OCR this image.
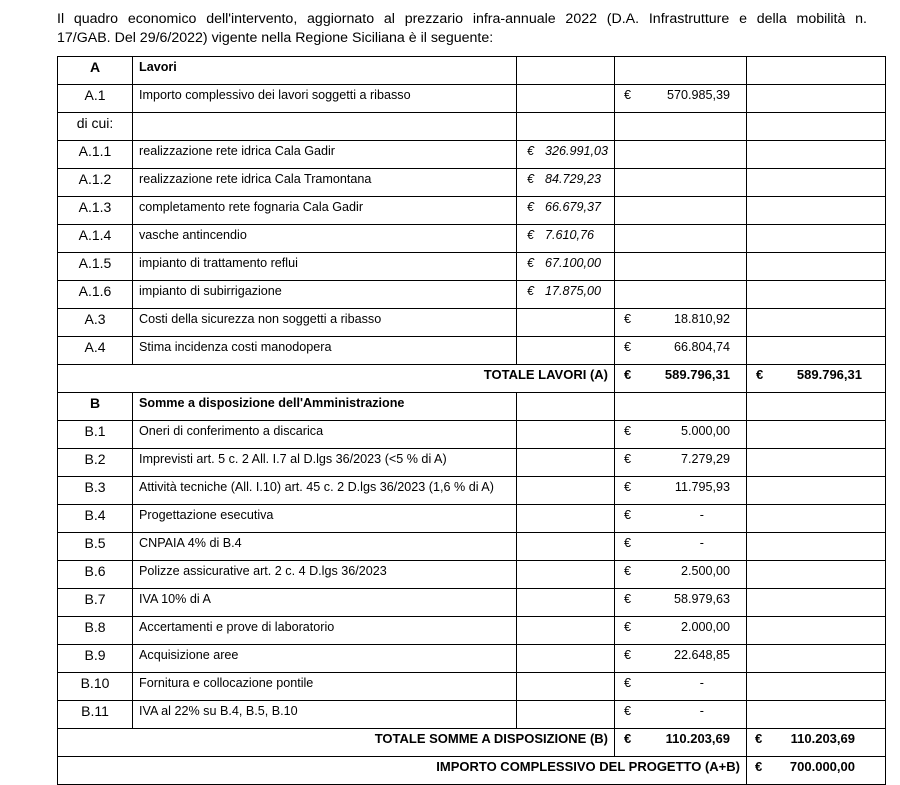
Il quadro economico dell'intervento, aggiornato al prezzario infra-annuale 2022 (D.A. Infrastrutture e della mobilità n.
17/GAB. Del 29/6/2022) vigente nella Regione Siciliana è il seguente:
A	Lavori			
A.1	Importo complessivo dei lavori soggetti a ribasso		€ 570.985,39	
di cui:				
A.1.1	realizzazione rete idrica Cala Gadir	€ 326.991,03		
A.1.2	realizzazione rete idrica Cala Tramontana	€ 84.729,23		
A.1.3	completamento rete fognaria Cala Gadir	€ 66.679,37		
A.1.4	vasche antincendio	€ 7.610,76		
A.1.5	impianto di trattamento reflui	€ 67.100,00		
A.1.6	impianto di subirrigazione	€ 17.875,00		
A.3	Costi della sicurezza non soggetti a ribasso		€ 18.810,92	
A.4	Stima incidenza costi manodopera		€ 66.804,74	
TOTALE LAVORI (A)			€ 589.796,31	€ 589.796,31
B	Somme a disposizione dell'Amministrazione			
B.1	Oneri di conferimento a discarica		€ 5.000,00	
B.2	Imprevisti art. 5 c. 2 All. I.7 al D.lgs 36/2023 (<5 % di A)		€ 7.279,29	
B.3	Attività tecniche (All. I.10) art. 45 c. 2 D.lgs 36/2023 (1,6 % di A)		€ 11.795,93	
B.4	Progettazione esecutiva		€ -	
B.5	CNPAIA 4% di B.4		€ -	
B.6	Polizze assicurative art. 2 c. 4 D.lgs 36/2023		€ 2.500,00	
B.7	IVA 10% di A		€ 58.979,63	
B.8	Accertamenti e prove di laboratorio		€ 2.000,00	
B.9	Acquisizione aree		€ 22.648,85	
B.10	Fornitura e collocazione pontile		€ -	
B.11	IVA al 22% su B.4, B.5, B.10		€ -	
TOTALE SOMME A DISPOSIZIONE (B)			€ 110.203,69	€ 110.203,69
IMPORTO COMPLESSIVO DEL PROGETTO (A+B)				€ 700.000,00
